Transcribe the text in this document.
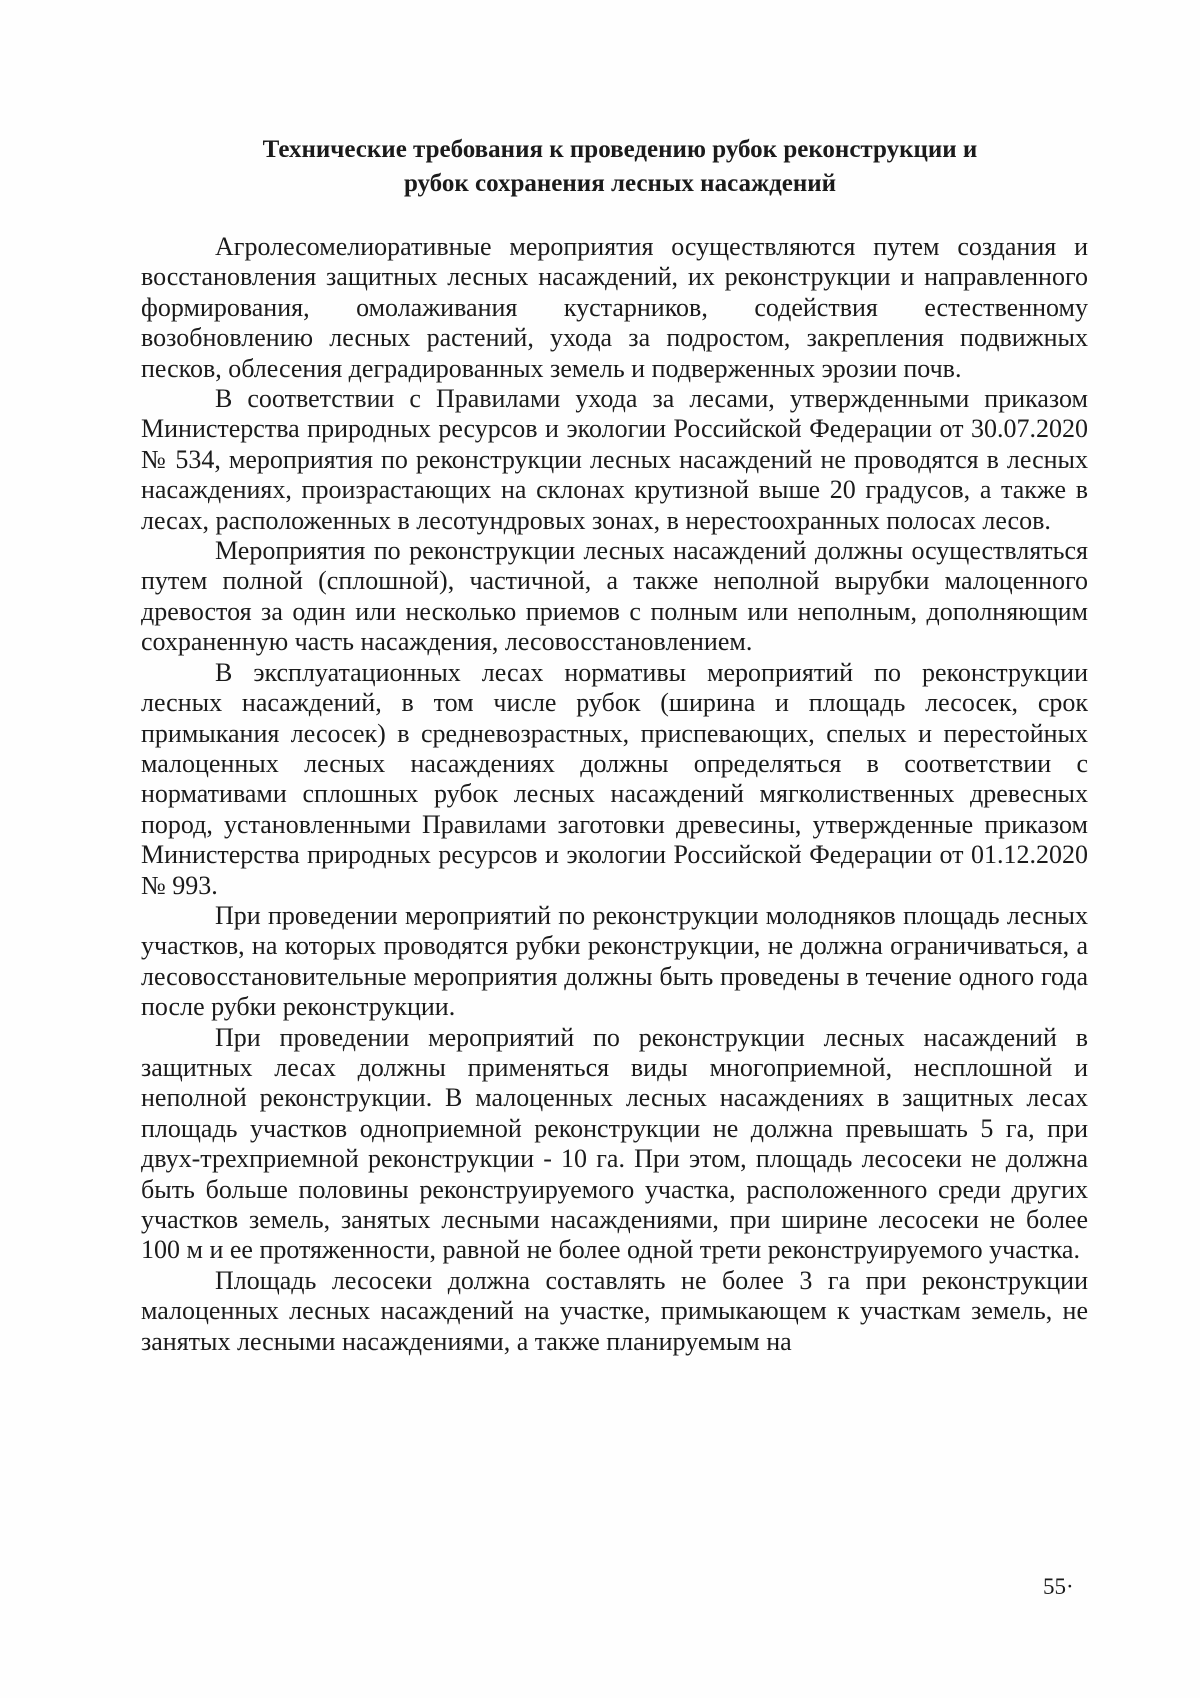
Технические требования к проведению рубок реконструкции и
рубок сохранения лесных насаждений

Агролесомелиоративные мероприятия осуществляются путем создания и восстановления защитных лесных насаждений, их реконструкции и направленного формирования, омолаживания кустарников, содействия естественному возобновлению лесных растений, ухода за подростом, закрепления подвижных песков, облесения деградированных земель и подверженных эрозии почв.

В соответствии с Правилами ухода за лесами, утвержденными приказом Министерства природных ресурсов и экологии Российской Федерации от 30.07.2020 № 534, мероприятия по реконструкции лесных насаждений не проводятся в лесных насаждениях, произрастающих на склонах крутизной выше 20 градусов, а также в лесах, расположенных в лесотундровых зонах, в нерестоохранных полосах лесов.

Мероприятия по реконструкции лесных насаждений должны осуществляться путем полной (сплошной), частичной, а также неполной вырубки малоценного древостоя за один или несколько приемов с полным или неполным, дополняющим сохраненную часть насаждения, лесовосстановлением.

В эксплуатационных лесах нормативы мероприятий по реконструкции лесных насаждений, в том числе рубок (ширина и площадь лесосек, срок примыкания лесосек) в средневозрастных, приспевающих, спелых и перестойных малоценных лесных насаждениях должны определяться в соответствии с нормативами сплошных рубок лесных насаждений мягколиственных древесных пород, установленными Правилами заготовки древесины, утвержденные приказом Министерства природных ресурсов и экологии Российской Федерации от 01.12.2020 № 993.

При проведении мероприятий по реконструкции молодняков площадь лесных участков, на которых проводятся рубки реконструкции, не должна ограничиваться, а лесовосстановительные мероприятия должны быть проведены в течение одного года после рубки реконструкции.

При проведении мероприятий по реконструкции лесных насаждений в защитных лесах должны применяться виды многоприемной, несплошной и неполной реконструкции. В малоценных лесных насаждениях в защитных лесах площадь участков одноприемной реконструкции не должна превышать 5 га, при двух-трехприемной реконструкции - 10 га. При этом, площадь лесосеки не должна быть больше половины реконструируемого участка, расположенного среди других участков земель, занятых лесными насаждениями, при ширине лесосеки не более 100 м и ее протяженности, равной не более одной трети реконструируемого участка.

Площадь лесосеки должна составлять не более 3 га при реконструкции малоценных лесных насаждений на участке, примыкающем к участкам земель, не занятых лесными насаждениями, а также планируемым на

55·
